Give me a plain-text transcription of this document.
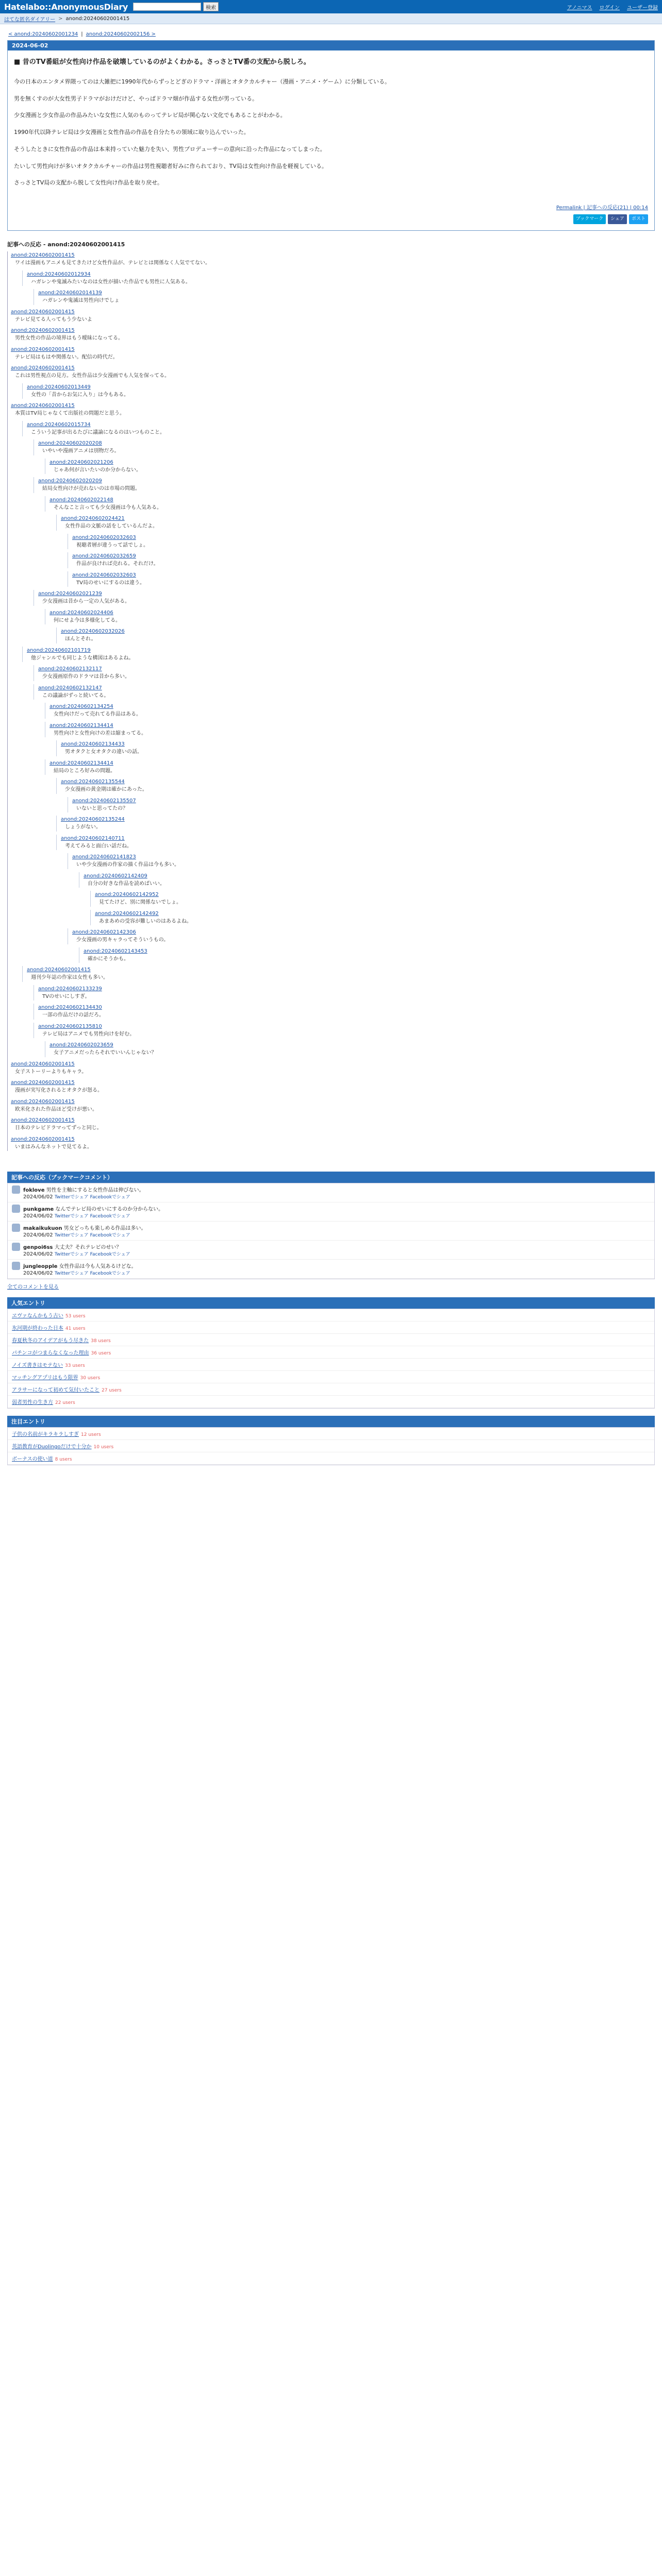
Hatelabo::AnonymousDiary	検索	アノニマス ログイン ユーザー登録
はてな匿名ダイアリー > anond:20240602001415
< anond:20240602001234 | anond:20240602002156 >
2024-06-02
■ 昔のTV番組が女性向け作品を破壊しているのがよくわかる。さっさとTV番の支配から脱しろ。

今の日本のエンタメ界隈ってのは大雑把に1990年代からずっとどぎのドラマ・洋画とオタクカルチャー（漫画・アニメ・ゲーム）に分類している。

男を無くすのが大女性男子ドラマがおけだけど、やっぱドラマ畑が作品する女性が男っている。

少女漫画と少女作品の作品みたいな女性に人気のものってテレビ局が関心ない文化でもあることがわかる。

1990年代以降テレビ局は少女漫画と女性作品の作品を自分たちの領域に取り込んでいった。

そうしたときに女性作品の作品は本来持っていた魅力を失い、男性プロデューサーの意向に沿った作品になってしまった。

たいして男性向けが多いオタクカルチャーの作品は男性視聴者好みに作られており、TV局は女性向け作品を軽視している。

さっさとTV局の支配から脱して女性向け作品を取り戻せ。

Permalink | 記事への反応(21) | 00:14
ブックマーク	シェア	ポスト
記事への反応 - anond:20240602001415
anond:20240602001415
ワイは漫画もアニメも見てきたけど女性作品が、テレビとは関係なく人気でてない。
anond:20240602012934
ハガレンや鬼滅みたいなのは女性が描いた作品でも男性に人気ある。
anond:20240602014139
ハガレンや鬼滅は男性向けでしょ
anond:20240602001415
テレビ見てる人ってもう少ないよ
anond:20240602001415
男性女性の作品の境界はもう曖昧になってる。
anond:20240602001415
テレビ局はもはや関係ない。配信の時代だ。
anond:20240602001415
これは男性視点の見方。女性作品は少女漫画でも人気を保ってる。
anond:20240602013449
女性の「昔からお気に入り」は今もある。
anond:20240602001415
本質はTV局じゃなくて出版社の問題だと思う。
anond:20240602015734
こういう記事が出るたびに議論になるのはいつものこと。
anond:20240602020208
いやいや漫画アニメは別物だろ。
anond:20240602021206
じゃあ何が言いたいのか分からない。
anond:20240602020209
結局女性向けが売れないのは市場の問題。
anond:20240602022148
そんなこと言っても少女漫画は今も人気ある。
anond:20240602024421
女性作品の文脈の話をしているんだよ。
anond:20240602032603
視聴者層が違うって話でしょ。
anond:20240602032659
作品が良ければ売れる。それだけ。
anond:20240602032603
TV局のせいにするのは違う。
anond:20240602021239
少女漫画は昔から一定の人気がある。
anond:20240602024406
何にせよ今は多様化してる。
anond:20240602032026
ほんとそれ。
anond:20240602101719
他ジャンルでも同じような構図はあるよね。
anond:20240602132117
少女漫画原作のドラマは昔から多い。
anond:20240602132147
この議論がずっと続いてる。
anond:20240602134254
女性向けだって売れてる作品はある。
anond:20240602134414
男性向けと女性向けの差は縮まってる。
anond:20240602134433
男オタクと女オタクの違いの話。
anond:20240602134414
結局のところ好みの問題。
anond:20240602135544
少女漫画の黄金期は確かにあった。
anond:20240602135507
いないと思ってたの？
anond:20240602135244
しょうがない。
anond:20240602140711
考えてみると面白い話だね。
anond:20240602141823
いや少女漫画の作家の描く作品は今も多い。
anond:20240602142409
自分の好きな作品を読めばいい。
anond:20240602142952
見てたけど、別に関係ないでしょ。
anond:20240602142492
あまあめの受容が難しいのはあるよね。
anond:20240602142306
少女漫画の男キャラってそういうもの。
anond:20240602143453
確かにそうかも。
anond:20240602001415
週刊少年誌の作家は女性も多い。
anond:20240602133239
TVのせいにしすぎ。
anond:20240602134430
一部の作品だけの話だろ。
anond:20240602135810
テレビ局はアニメでも男性向けを好む。
anond:20240602023659
女子アニメだったらそれでいいんじゃない？
anond:20240602001415
女子ストーリーよりもキャラ。
anond:20240602001415
漫画が実写化されるとオタクが怒る。
anond:20240602001415
欧米化された作品ほど受けが悪い。
anond:20240602001415
日本のテレビドラマってずっと同じ。
anond:20240602001415
いまはみんなネットで見てるよ。
記事への反応（ブックマークコメント）
foklove 男性を主軸にすると女性作品は伸びない。
2024/06/02 Twitterでシェア Facebookでシェア
punkgame なんでテレビ局のせいにするのか分からない。
2024/06/02 Twitterでシェア Facebookでシェア
makaikukuon 男女どっちも楽しめる作品は多い。
2024/06/02 Twitterでシェア Facebookでシェア
genpoi6ss 大丈夫？それテレビのせい？
2024/06/02 Twitterでシェア Facebookでシェア
jungleopple 女性作品は今も人気あるけどな。
2024/06/02 Twitterでシェア Facebookでシェア
全てのコメントを見る
人気エントリ
ヱヴァなんかもう古い 53 users
氷河期が終わった日本 41 users
春夏秋冬のアイデアがもう尽きた 38 users
パチンコがつまらなくなった理由 36 users
ノイズ書きはモテない 33 users
マッチングアプリはもう限界 30 users
アラサーになって初めて気付いたこと 27 users
弱者男性の生き方 22 users
注目エントリ
子供の名前がキラキラしすぎ 12 users
英語教育がDuolingoだけで十分か 10 users
ボーナスの使い道 8 users
